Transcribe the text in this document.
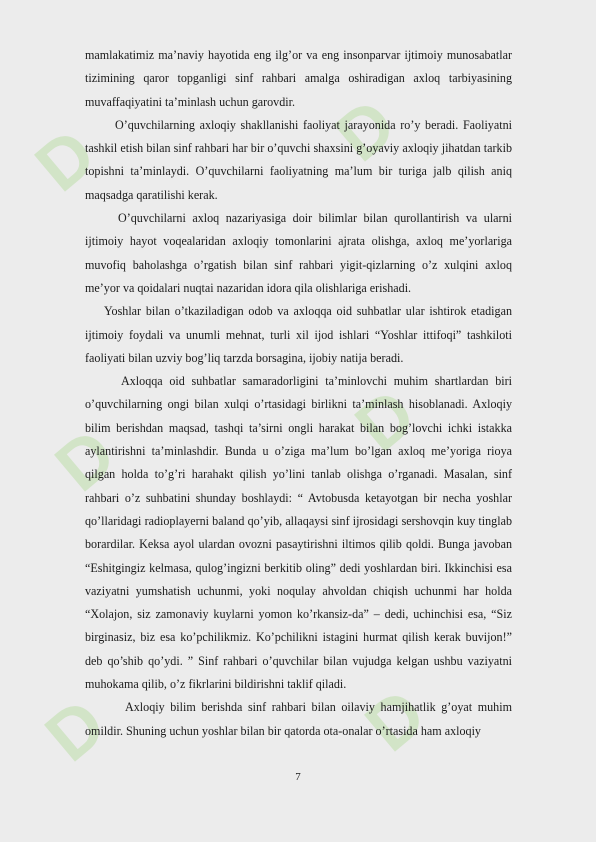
D	D
D	D
D	D

mamlakatimiz ma’naviy hayotida eng ilg’or va eng insonparvar ijtimoiy munosabatlar tizimining qaror topganligi sinf rahbari amalga oshiradigan axloq tarbiyasining muvaffaqiyatini ta’minlash uchun garovdir.

O’quvchilarning axloqiy shakllanishi faoliyat jarayonida ro’y beradi. Faoliyatni tashkil etish bilan sinf rahbari har bir o’quvchi shaxsini g’oyaviy axloqiy jihatdan tarkib topishni ta’minlaydi. O’quvchilarni faoliyatning ma’lum bir turiga jalb qilish aniq maqsadga qaratilishi kerak.

O’quvchilarni axloq nazariyasiga doir bilimlar bilan qurollantirish va ularni ijtimoiy hayot voqealaridan axloqiy tomonlarini ajrata olishga, axloq me’yorlariga muvofiq baholashga o’rgatish bilan sinf rahbari yigit-qizlarning o’z xulqini axloq me’yor va qoidalari nuqtai nazaridan idora qila olishlariga erishadi.

Yoshlar bilan o’tkaziladigan odob va axloqqa oid suhbatlar ular ishtirok etadigan ijtimoiy foydali va unumli mehnat, turli xil ijod ishlari “Yoshlar ittifoqi” tashkiloti faoliyati bilan uzviy bog’liq tarzda borsagina, ijobiy natija beradi.

Axloqqa oid suhbatlar samaradorligini ta’minlovchi muhim shartlardan biri o’quvchilarning ongi bilan xulqi o’rtasidagi birlikni ta’minlash hisoblanadi. Axloqiy bilim berishdan maqsad, tashqi ta’sirni ongli harakat bilan bog’lovchi ichki istakka aylantirishni ta’minlashdir. Bunda u o’ziga ma’lum bo’lgan axloq me’yoriga rioya qilgan holda to’g’ri harahakt qilish yo’lini tanlab olishga o’rganadi. Masalan, sinf rahbari o’z suhbatini shunday boshlaydi: “ Avtobusda ketayotgan bir necha yoshlar qo’llaridagi radioplayerni baland qo’yib, allaqaysi sinf ijrosidagi sershovqin kuy tinglab borardilar. Keksa ayol ulardan ovozni pasaytirishni iltimos qilib qoldi. Bunga javoban “Eshitgingiz kelmasa, qulog’ingizni berkitib oling” dedi yoshlardan biri. Ikkinchisi esa vaziyatni yumshatish uchunmi, yoki noqulay ahvoldan chiqish uchunmi har holda “Xolajon, siz zamonaviy kuylarni yomon ko’rkansiz-da” – dedi, uchinchisi esa, “Siz birginasiz, biz esa ko’pchilikmiz. Ko’pchilikni istagini hurmat qilish kerak buvijon!” deb qo’shib qo’ydi. ” Sinf rahbari o’quvchilar bilan vujudga kelgan ushbu vaziyatni muhokama qilib, o’z fikrlarini bildirishni taklif qiladi.

Axloqiy bilim berishda sinf rahbari bilan oilaviy hamjihatlik g’oyat muhim omildir. Shuning uchun yoshlar bilan bir qatorda ota-onalar o’rtasida ham axloqiy

7
